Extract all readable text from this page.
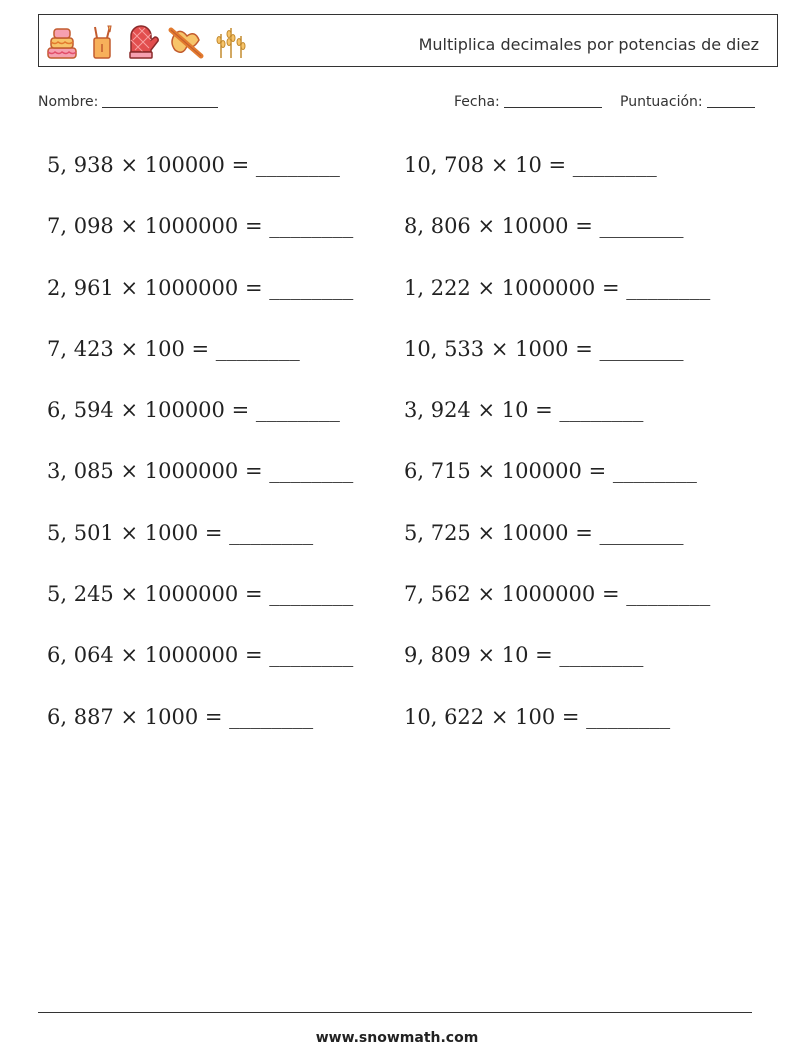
Multiplica decimales por potencias de diez
Nombre:	Fecha:	Puntuación:
5, 938 × 100000 = ________	10, 708 × 10 = ________
7, 098 × 1000000 = ________	8, 806 × 10000 = ________
2, 961 × 1000000 = ________	1, 222 × 1000000 = ________
7, 423 × 100 = ________	10, 533 × 1000 = ________
6, 594 × 100000 = ________	3, 924 × 10 = ________
3, 085 × 1000000 = ________	6, 715 × 100000 = ________
5, 501 × 1000 = ________	5, 725 × 10000 = ________
5, 245 × 1000000 = ________	7, 562 × 1000000 = ________
6, 064 × 1000000 = ________	9, 809 × 10 = ________
6, 887 × 1000 = ________	10, 622 × 100 = ________
www.snowmath.com
